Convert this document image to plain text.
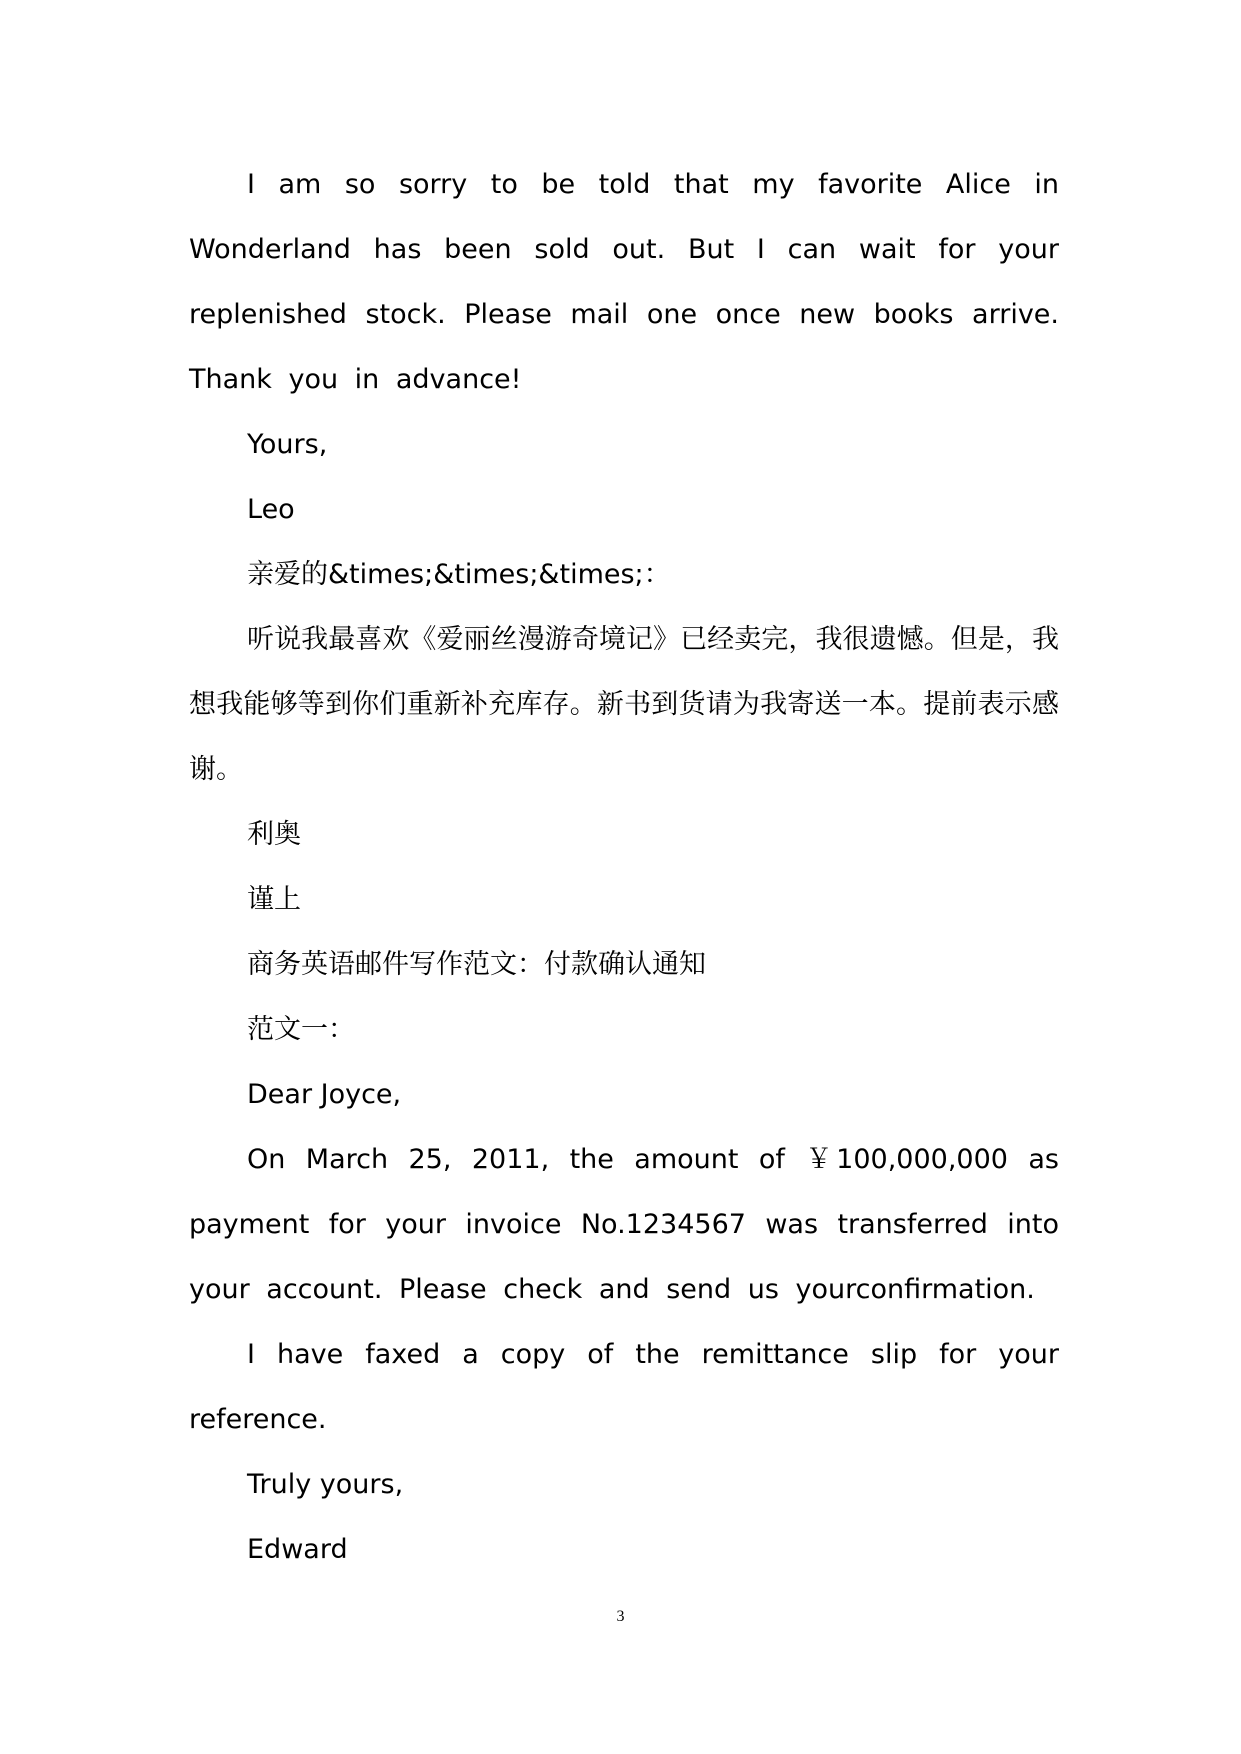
I am so sorry to be told that my favorite Alice in Wonderland has been sold out. But I can wait for your replenished stock. Please mail one once new books arrive. Thank you in advance!

Yours,

Leo

亲爱的&times;&times;&times;：

听说我最喜欢《爱丽丝漫游奇境记》已经卖完，我很遗憾。但是，我想我能够等到你们重新补充库存。新书到货请为我寄送一本。提前表示感谢。

利奥

谨上

商务英语邮件写作范文：付款确认通知

范文一：

Dear Joyce,

On March 25, 2011, the amount of ￥100,000,000 as payment for your invoice No.1234567 was transferred into your account. Please check and send us yourconfirmation.

I have faxed a copy of the remittance slip for your reference.

Truly yours,

Edward

3
